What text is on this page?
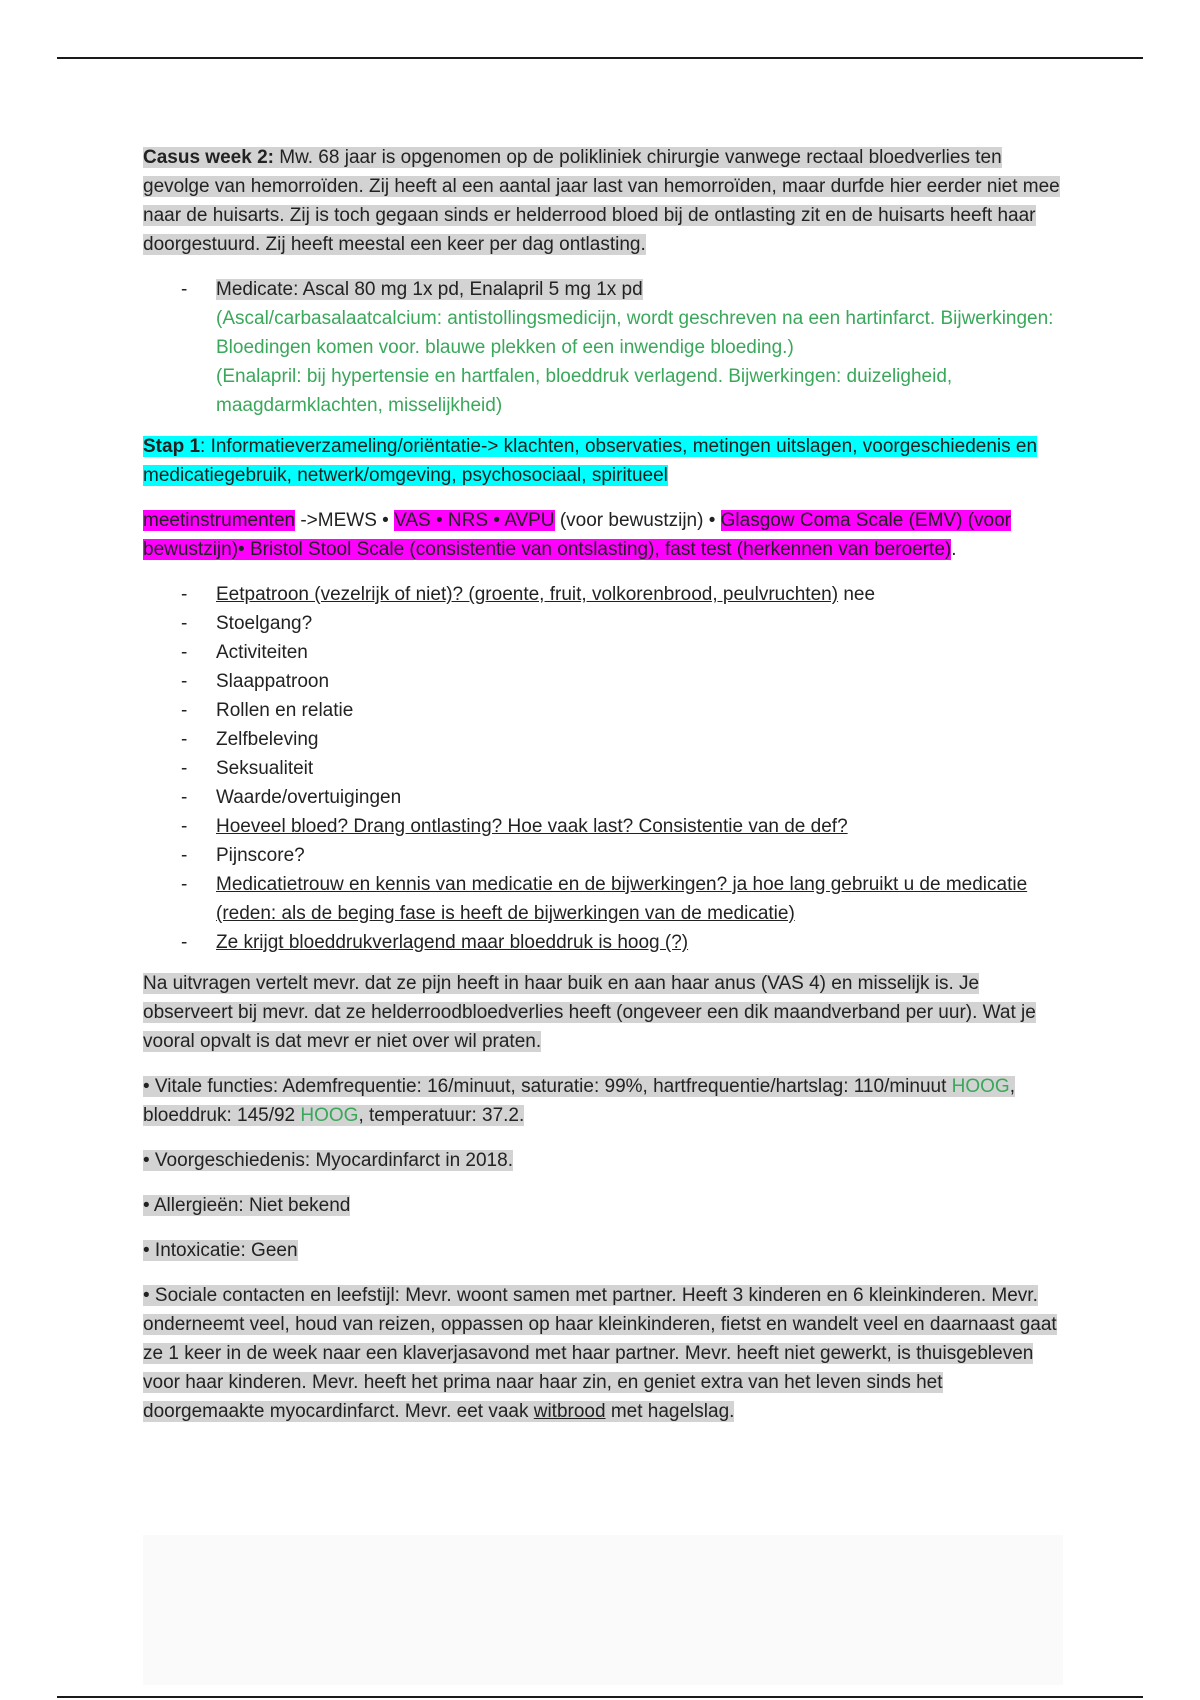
Casus week 2: Mw. 68 jaar is opgenomen op de polikliniek chirurgie vanwege rectaal bloedverlies ten gevolge van hemorroïden. Zij heeft al een aantal jaar last van hemorroïden, maar durfde hier eerder niet mee naar de huisarts. Zij is toch gegaan sinds er helderrood bloed bij de ontlasting zit en de huisarts heeft haar doorgestuurd. Zij heeft meestal een keer per dag ontlasting.

- Medicate: Ascal 80 mg 1x pd, Enalapril 5 mg 1x pd
(Ascal/carbasalaatcalcium: antistollingsmedicijn, wordt geschreven na een hartinfarct. Bijwerkingen: Bloedingen komen voor. blauwe plekken of een inwendige bloeding.)
(Enalapril: bij hypertensie en hartfalen, bloeddruk verlagend. Bijwerkingen: duizeligheid, maagdarmklachten, misselijkheid)

Stap 1: Informatieverzameling/oriëntatie-> klachten, observaties, metingen uitslagen, voorgeschiedenis en medicatiegebruik, netwerk/omgeving, psychosociaal, spiritueel

meetinstrumenten ->MEWS • VAS • NRS • AVPU (voor bewustzijn) • Glasgow Coma Scale (EMV) (voor bewustzijn)• Bristol Stool Scale (consistentie van ontslasting), fast test (herkennen van beroerte).

- Eetpatroon (vezelrijk of niet)? (groente, fruit, volkorenbrood, peulvruchten) nee
- Stoelgang?
- Activiteiten
- Slaappatroon
- Rollen en relatie
- Zelfbeleving
- Seksualiteit
- Waarde/overtuigingen
- Hoeveel bloed? Drang ontlasting? Hoe vaak last? Consistentie van de def?
- Pijnscore?
- Medicatietrouw en kennis van medicatie en de bijwerkingen? ja hoe lang gebruikt u de medicatie (reden: als de beging fase is heeft de bijwerkingen van de medicatie)
- Ze krijgt bloeddrukverlagend maar bloeddruk is hoog (?)

Na uitvragen vertelt mevr. dat ze pijn heeft in haar buik en aan haar anus (VAS 4) en misselijk is. Je observeert bij mevr. dat ze helderroodbloedverlies heeft (ongeveer een dik maandverband per uur). Wat je vooral opvalt is dat mevr er niet over wil praten.

• Vitale functies: Ademfrequentie: 16/minuut, saturatie: 99%, hartfrequentie/hartslag: 110/minuut HOOG, bloeddruk: 145/92 HOOG, temperatuur: 37.2.

• Voorgeschiedenis: Myocardinfarct in 2018.

• Allergieën: Niet bekend

• Intoxicatie: Geen

• Sociale contacten en leefstijl: Mevr. woont samen met partner. Heeft 3 kinderen en 6 kleinkinderen. Mevr. onderneemt veel, houd van reizen, oppassen op haar kleinkinderen, fietst en wandelt veel en daarnaast gaat ze 1 keer in de week naar een klaverjasavond met haar partner. Mevr. heeft niet gewerkt, is thuisgebleven voor haar kinderen. Mevr. heeft het prima naar haar zin, en geniet extra van het leven sinds het doorgemaakte myocardinfarct. Mevr. eet vaak witbrood met hagelslag.
